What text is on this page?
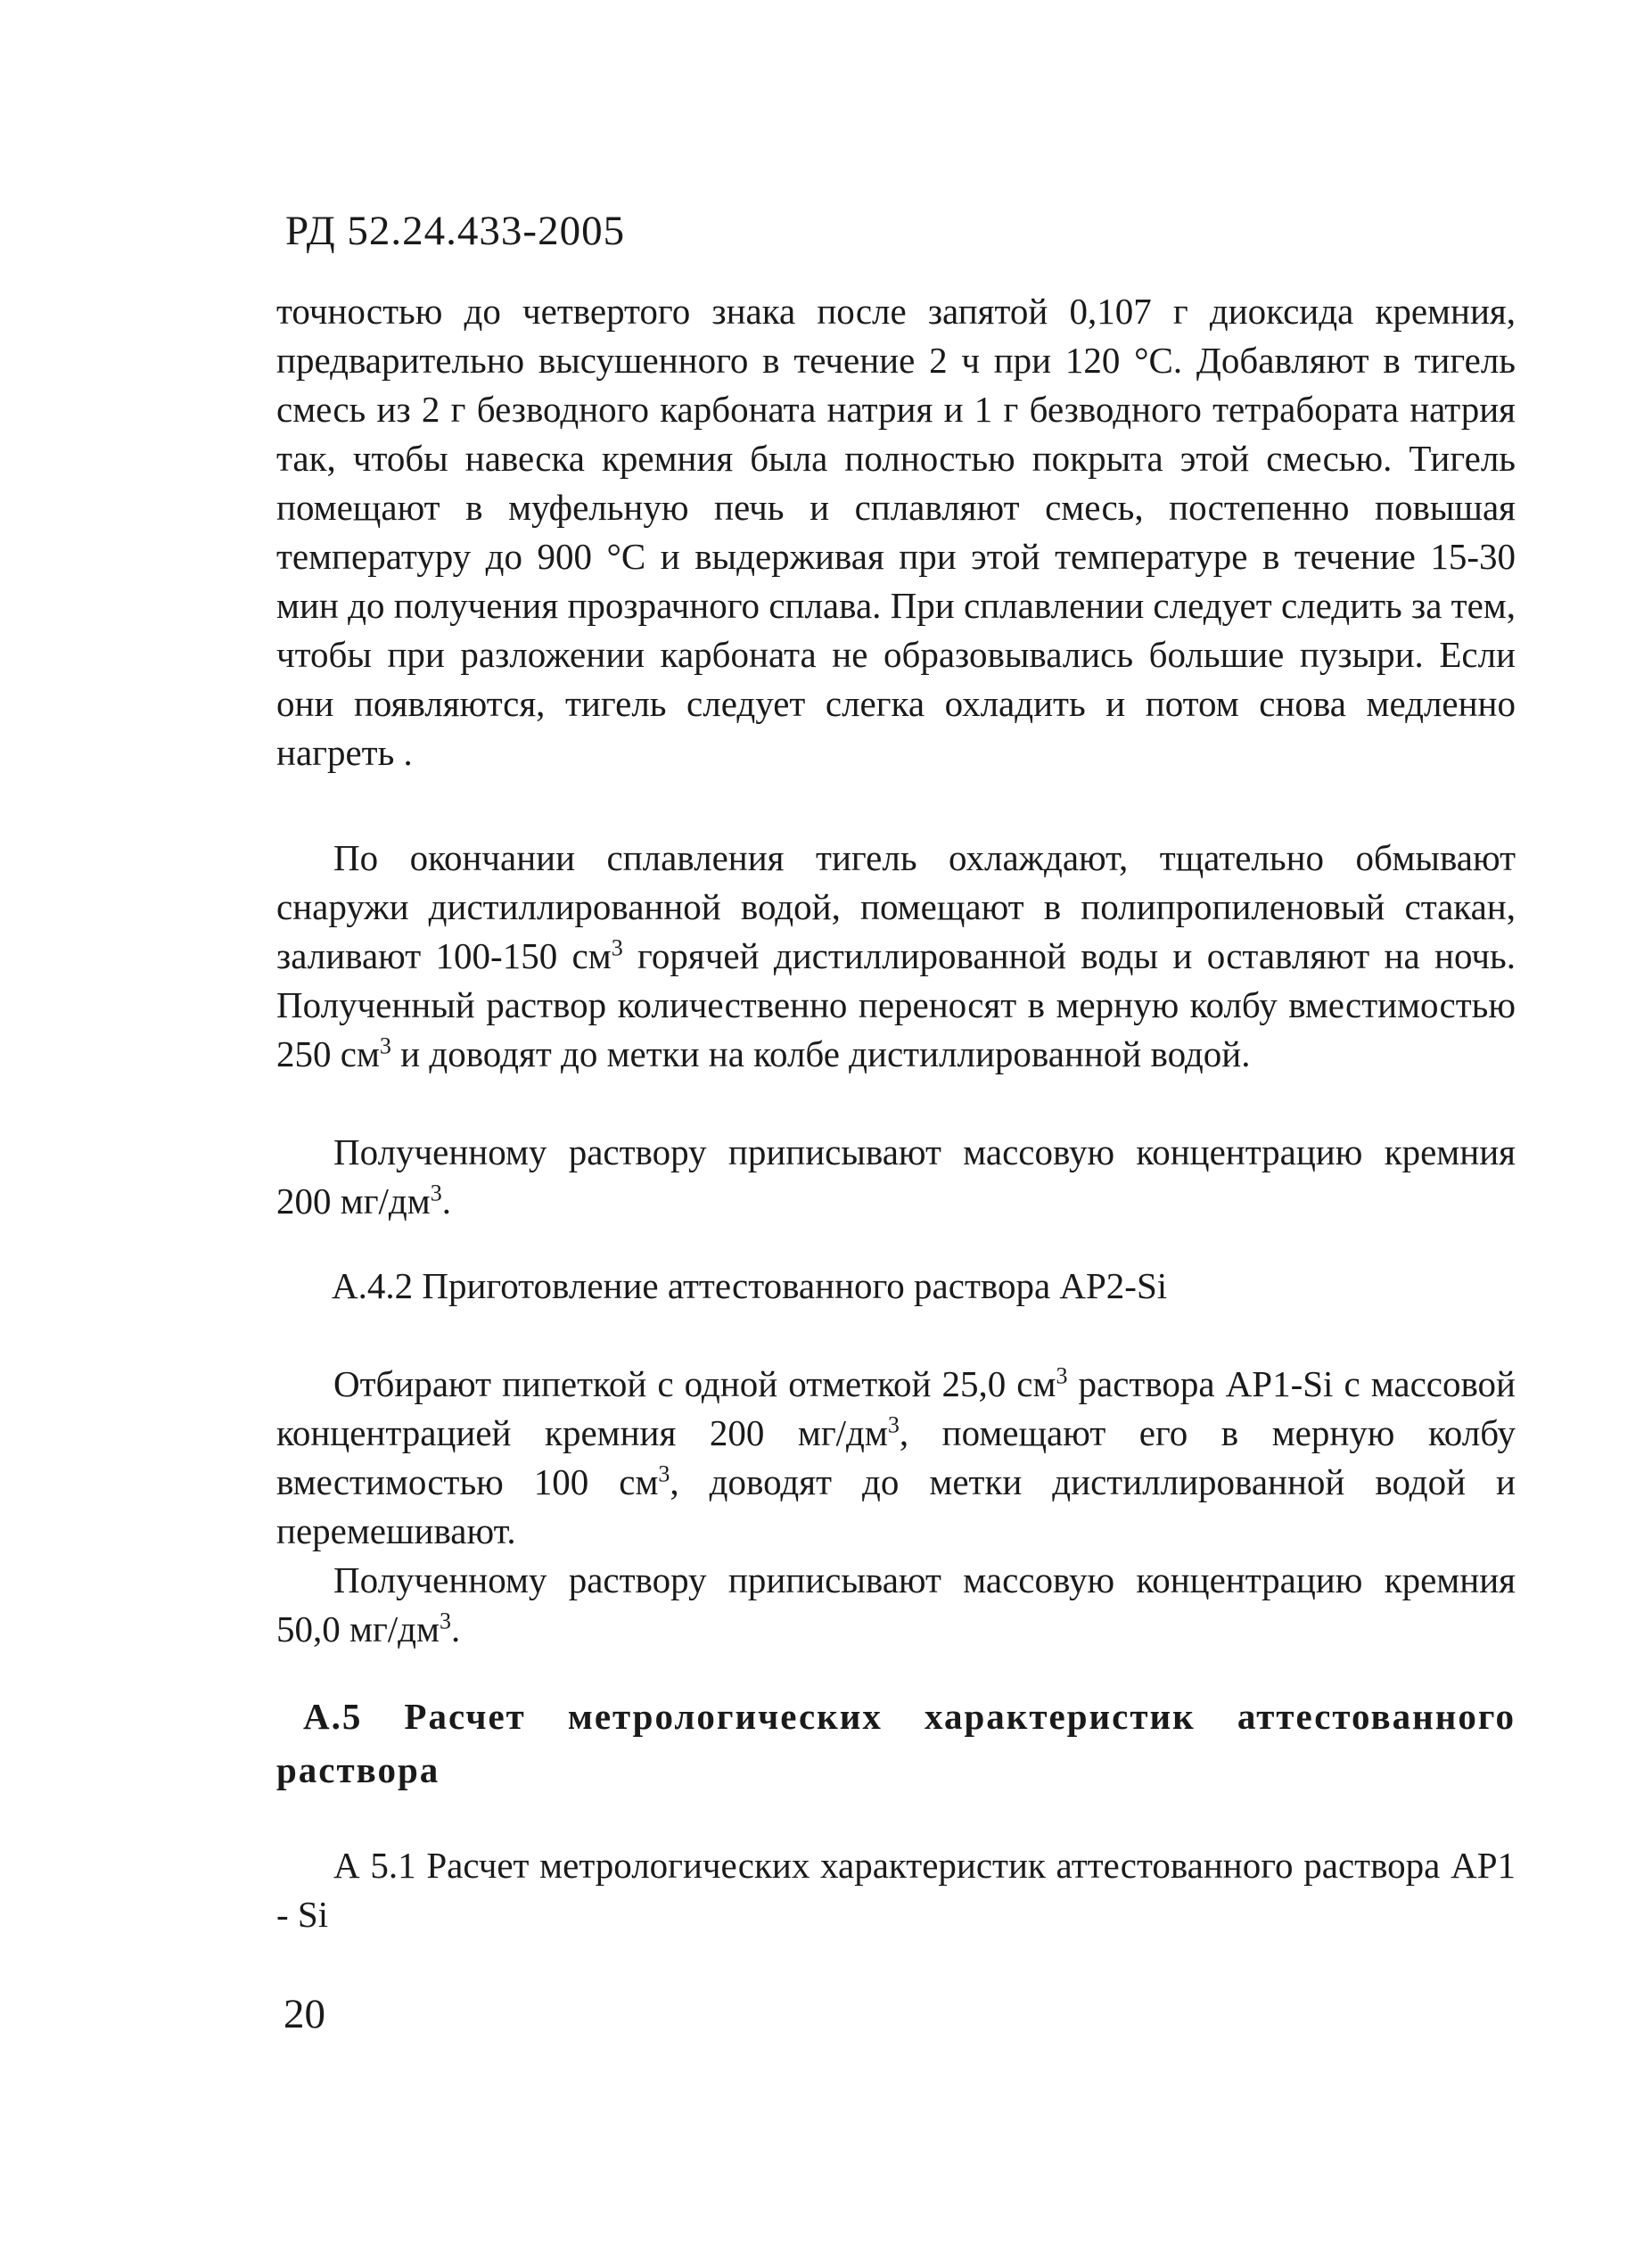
РД 52.24.433-2005

точностью до четвертого знака после запятой 0,107 г диоксида кремния, предварительно высушенного в течение 2 ч при 120 °С. Добавляют в тигель смесь из 2 г безводного карбоната натрия и 1 г безводного тетрабората натрия так, чтобы навеска кремния была полностью покрыта этой смесью. Тигель помещают в муфельную печь и сплавляют смесь, постепенно повышая температуру до 900 °С и выдерживая при этой температуре в течение 15-30 мин до получения прозрачного сплава. При сплавлении следует следить за тем, чтобы при разложении карбоната не образовывались большие пузыри. Если они появляются, тигель следует слегка охладить и потом снова медленно нагреть .

По окончании сплавления тигель охлаждают, тщательно обмывают снаружи дистиллированной водой, помещают в полипропиленовый стакан, заливают 100-150 $см^3$ горячей дистиллированной воды и оставляют на ночь. Полученный раствор количественно переносят в мерную колбу вместимостью 250 $см^3$ и доводят до метки на колбе дистиллированной водой.

Полученному раствору приписывают массовую концентрацию кремния 200 $мг/дм^3$.

А.4.2 Приготовление аттестованного раствора АР2-Si

Отбирают пипеткой с одной отметкой 25,0 $см^3$ раствора АР1-Si с массовой концентрацией кремния 200 $мг/дм^3$, помещают его в мерную колбу вместимостью 100 $см^3$, доводят до метки дистиллированной водой и перемешивают.

Полученному раствору приписывают массовую концентрацию кремния 50,0 $мг/дм^3$.

А.5 Расчет метрологических характеристик аттестованного раствора

А 5.1 Расчет метрологических характеристик аттестованного раствора АР1 - Si

20
